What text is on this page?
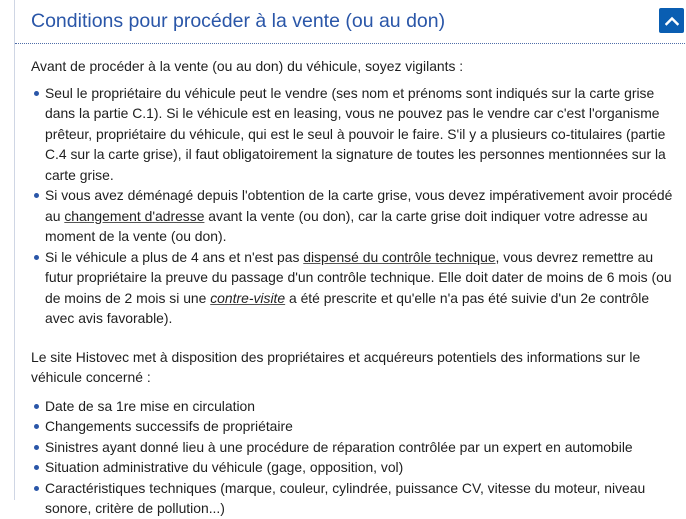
Conditions pour procéder à la vente (ou au don)

Avant de procéder à la vente (ou au don) du véhicule, soyez vigilants :

Seul le propriétaire du véhicule peut le vendre (ses nom et prénoms sont indiqués sur la carte grise dans la partie C.1). Si le véhicule est en leasing, vous ne pouvez pas le vendre car c'est l'organisme prêteur, propriétaire du véhicule, qui est le seul à pouvoir le faire. S'il y a plusieurs co-titulaires (partie C.4 sur la carte grise), il faut obligatoirement la signature de toutes les personnes mentionnées sur la carte grise.
Si vous avez déménagé depuis l'obtention de la carte grise, vous devez impérativement avoir procédé au changement d'adresse avant la vente (ou don), car la carte grise doit indiquer votre adresse au moment de la vente (ou don).
Si le véhicule a plus de 4 ans et n'est pas dispensé du contrôle technique, vous devrez remettre au futur propriétaire la preuve du passage d'un contrôle technique. Elle doit dater de moins de 6 mois (ou de moins de 2 mois si une contre-visite a été prescrite et qu'elle n'a pas été suivie d'un 2e contrôle avec avis favorable).

Le site Histovec met à disposition des propriétaires et acquéreurs potentiels des informations sur le véhicule concerné :

Date de sa 1re mise en circulation
Changements successifs de propriétaire
Sinistres ayant donné lieu à une procédure de réparation contrôlée par un expert en automobile
Situation administrative du véhicule (gage, opposition, vol)
Caractéristiques techniques (marque, couleur, cylindrée, puissance CV, vitesse du moteur, niveau sonore, critère de pollution...)
